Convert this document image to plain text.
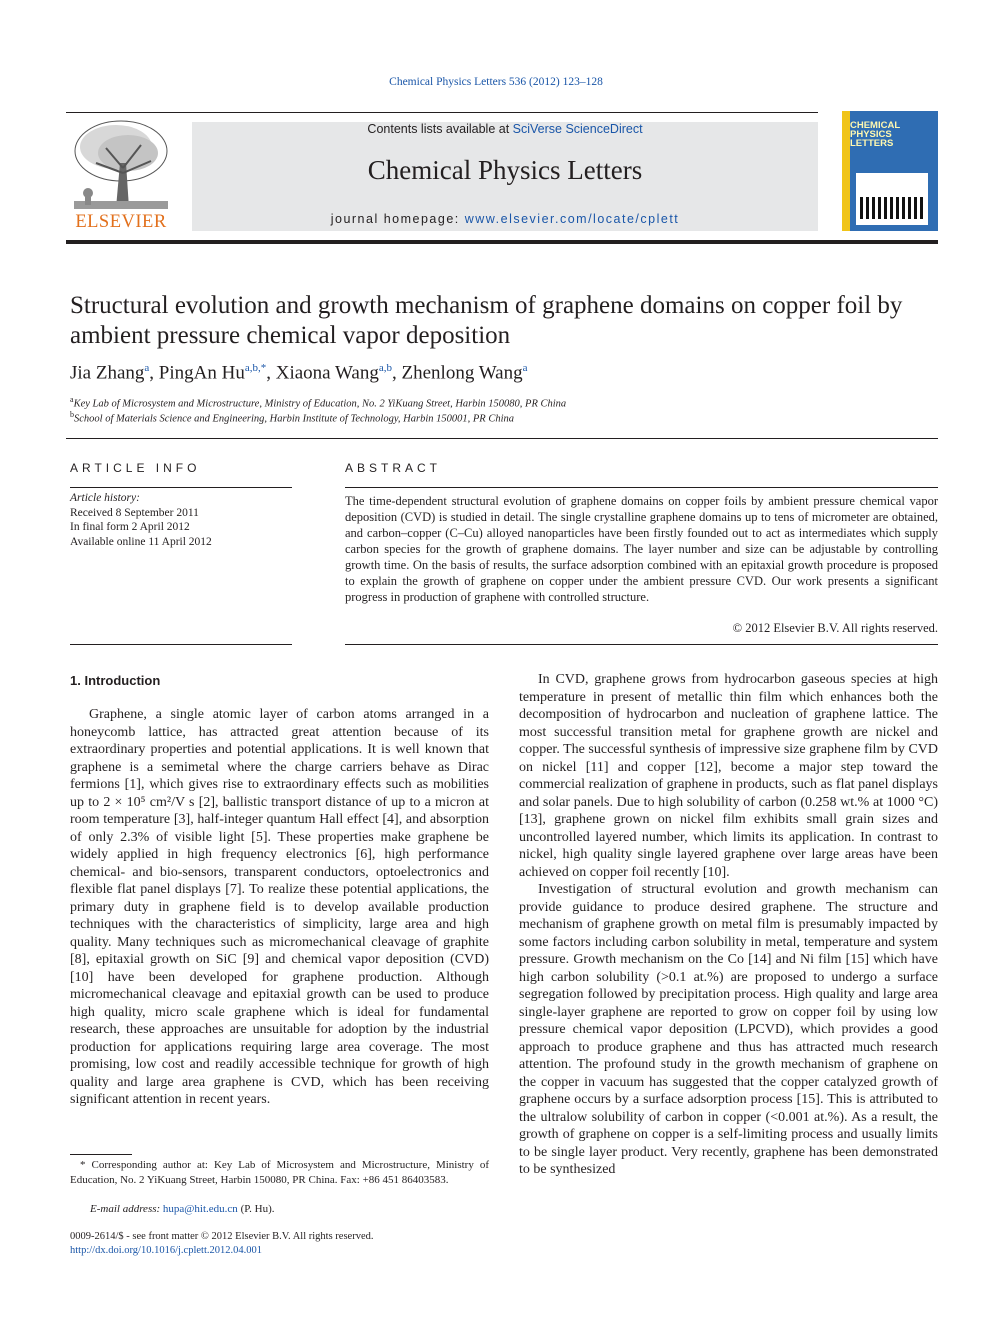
Chemical Physics Letters 536 (2012) 123–128
ELSEVIER
Contents lists available at SciVerse ScienceDirect
Chemical Physics Letters
journal homepage: www.elsevier.com/locate/cplett
CHEMICAL PHYSICS LETTERS
Structural evolution and growth mechanism of graphene domains on copper foil by ambient pressure chemical vapor deposition
Jia Zhang$^a$, PingAn $Hu^{a,b,*}$, Xiaona Wang$^{a,b}$, Zhenlong Wang$^a$
$^a$Key Lab of Microsystem and Microstructure, Ministry of Education, No. 2 YiKuang Street, Harbin 150080, PR China
$^b$School of Materials Science and Engineering, Harbin Institute of Technology, Harbin 150001, PR China
ARTICLE INFO	ABSTRACT
Article history:
Received 8 September 2011
In final form 2 April 2012
Available online 11 April 2012
The time-dependent structural evolution of graphene domains on copper foils by ambient pressure chemical vapor deposition (CVD) is studied in detail. The single crystalline graphene domains up to tens of micrometer are obtained, and carbon–copper (C–Cu) alloyed nanoparticles have been firstly founded out to act as intermediates which supply carbon species for the growth of graphene domains. The layer number and size can be adjustable by controlling growth time. On the basis of results, the surface adsorption combined with an epitaxial growth procedure is proposed to explain the growth of graphene on copper under the ambient pressure CVD. Our work presents a significant progress in production of graphene with controlled structure.
© 2012 Elsevier B.V. All rights reserved.
1. Introduction

Graphene, a single atomic layer of carbon atoms arranged in a honeycomb lattice, has attracted great attention because of its extraordinary properties and potential applications. It is well known that graphene is a semimetal where the charge carriers behave as Dirac fermions [1], which gives rise to extraordinary effects such as mobilities up to 2 × 10⁵ cm²/V s [2], ballistic transport distance of up to a micron at room temperature [3], half-integer quantum Hall effect [4], and absorption of only 2.3% of visible light [5]. These properties make graphene be widely applied in high frequency electronics [6], high performance chemical- and bio-sensors, transparent conductors, optoelectronics and flexible flat panel displays [7]. To realize these potential applications, the primary duty in graphene field is to develop available production techniques with the characteristics of simplicity, large area and high quality. Many techniques such as micromechanical cleavage of graphite [8], epitaxial growth on SiC [9] and chemical vapor deposition (CVD) [10] have been developed for graphene production. Although micromechanical cleavage and epitaxial growth can be used to produce high quality, micro scale graphene which is ideal for fundamental research, these approaches are unsuitable for adoption by the industrial production for applications requiring large area coverage. The most promising, low cost and readily accessible technique for growth of high quality and large area graphene is CVD, which has been receiving significant attention in recent years.

In CVD, graphene grows from hydrocarbon gaseous species at high temperature in present of metallic thin film which enhances both the decomposition of hydrocarbon and nucleation of graphene lattice. The most successful transition metal for graphene growth are nickel and copper. The successful synthesis of impressive size graphene film by CVD on nickel [11] and copper [12], become a major step toward the commercial realization of graphene in products, such as flat panel displays and solar panels. Due to high solubility of carbon (0.258 wt.% at 1000 °C) [13], graphene grown on nickel film exhibits small grain sizes and uncontrolled layered number, which limits its application. In contrast to nickel, high quality single layered graphene over large areas have been achieved on copper foil recently [10].

Investigation of structural evolution and growth mechanism can provide guidance to produce desired graphene. The structure and mechanism of graphene growth on metal film is presumably impacted by some factors including carbon solubility in metal, temperature and system pressure. Growth mechanism on the Co [14] and Ni film [15] which have high carbon solubility (>0.1 at.%) are proposed to undergo a surface segregation followed by precipitation process. High quality and large area single-layer graphene are reported to grow on copper foil by using low pressure chemical vapor deposition (LPCVD), which provides a good approach to produce graphene and thus has attracted much research attention. The profound study in the growth mechanism of graphene on the copper in vacuum has suggested that the copper catalyzed growth of graphene occurs by a surface adsorption process [15]. This is attributed to the ultralow solubility of carbon in copper (<0.001 at.%). As a result, the growth of graphene on copper is a self-limiting process and usually limits to be single layer product. Very recently, graphene has been demonstrated to be synthesized

* Corresponding author at: Key Lab of Microsystem and Microstructure, Ministry of Education, No. 2 YiKuang Street, Harbin 150080, PR China. Fax: +86 451 86403583.
E-mail address: hupa@hit.edu.cn (P. Hu).
0009-2614/$ - see front matter © 2012 Elsevier B.V. All rights reserved.
http://dx.doi.org/10.1016/j.cplett.2012.04.001
